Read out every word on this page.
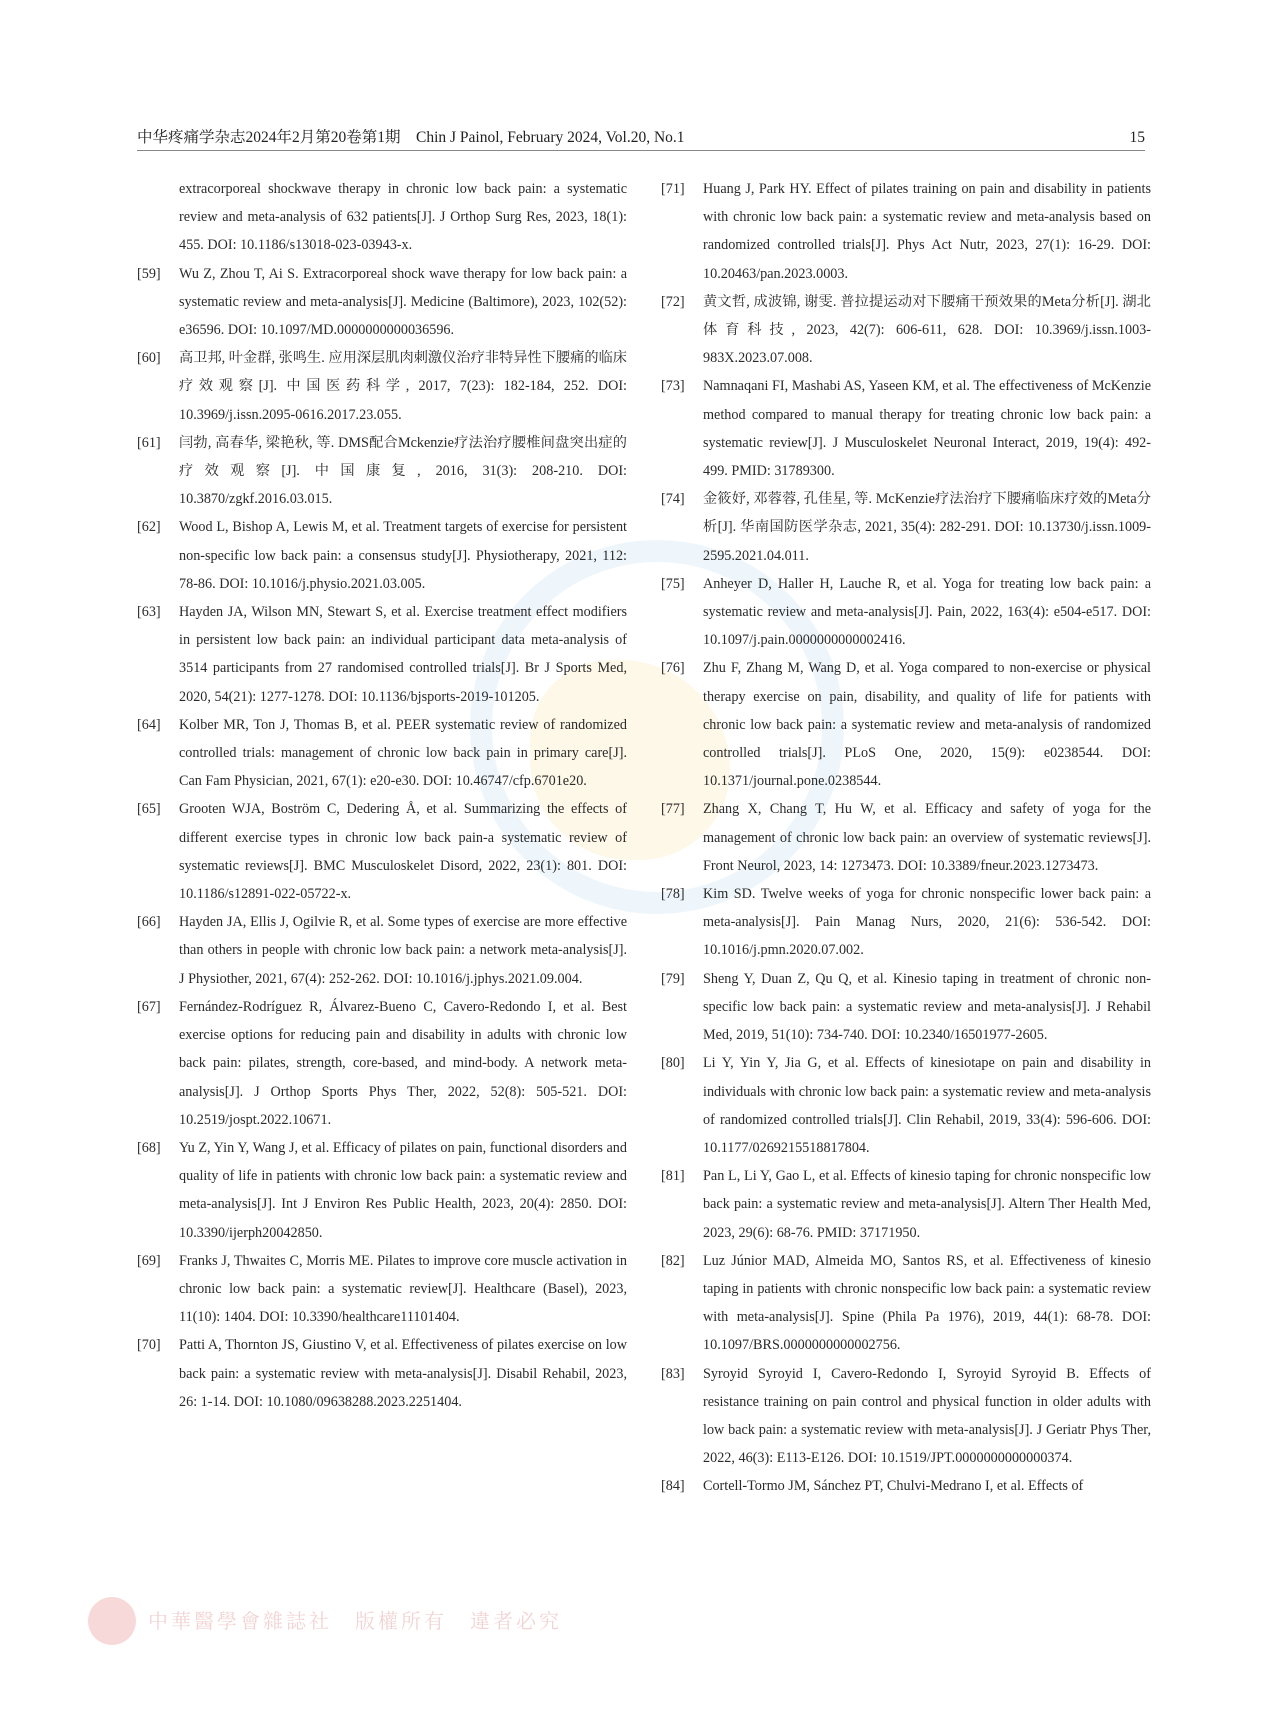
中华疼痛学杂志2024年2月第20卷第1期　Chin J Painol, February 2024, Vol.20, No.1	15
extracorporeal shockwave therapy in chronic low back pain: a systematic review and meta-analysis of 632 patients[J]. J Orthop Surg Res, 2023, 18(1): 455. DOI: 10.1186/s13018-023-03943-x.
[59] Wu Z, Zhou T, Ai S. Extracorporeal shock wave therapy for low back pain: a systematic review and meta-analysis[J]. Medicine (Baltimore), 2023, 102(52): e36596. DOI: 10.1097/MD.0000000000036596.
[60] 高卫邦, 叶金群, 张鸣生. 应用深层肌肉刺激仪治疗非特异性下腰痛的临床疗效观察[J]. 中国医药科学, 2017, 7(23): 182-184, 252. DOI: 10.3969/j.issn.2095-0616.2017.23.055.
[61] 闫勃, 高春华, 梁艳秋, 等. DMS配合Mckenzie疗法治疗腰椎间盘突出症的疗效观察[J]. 中国康复, 2016, 31(3): 208-210. DOI: 10.3870/zgkf.2016.03.015.
[62] Wood L, Bishop A, Lewis M, et al. Treatment targets of exercise for persistent non-specific low back pain: a consensus study[J]. Physiotherapy, 2021, 112: 78-86. DOI: 10.1016/j.physio.2021.03.005.
[63] Hayden JA, Wilson MN, Stewart S, et al. Exercise treatment effect modifiers in persistent low back pain: an individual participant data meta-analysis of 3514 participants from 27 randomised controlled trials[J]. Br J Sports Med, 2020, 54(21): 1277-1278. DOI: 10.1136/bjsports-2019-101205.
[64] Kolber MR, Ton J, Thomas B, et al. PEER systematic review of randomized controlled trials: management of chronic low back pain in primary care[J]. Can Fam Physician, 2021, 67(1): e20-e30. DOI: 10.46747/cfp.6701e20.
[65] Grooten WJA, Boström C, Dedering Å, et al. Summarizing the effects of different exercise types in chronic low back pain-a systematic review of systematic reviews[J]. BMC Musculoskelet Disord, 2022, 23(1): 801. DOI: 10.1186/s12891-022-05722-x.
[66] Hayden JA, Ellis J, Ogilvie R, et al. Some types of exercise are more effective than others in people with chronic low back pain: a network meta-analysis[J]. J Physiother, 2021, 67(4): 252-262. DOI: 10.1016/j.jphys.2021.09.004.
[67] Fernández-Rodríguez R, Álvarez-Bueno C, Cavero-Redondo I, et al. Best exercise options for reducing pain and disability in adults with chronic low back pain: pilates, strength, core-based, and mind-body. A network meta-analysis[J]. J Orthop Sports Phys Ther, 2022, 52(8): 505-521. DOI: 10.2519/jospt.2022.10671.
[68] Yu Z, Yin Y, Wang J, et al. Efficacy of pilates on pain, functional disorders and quality of life in patients with chronic low back pain: a systematic review and meta-analysis[J]. Int J Environ Res Public Health, 2023, 20(4): 2850. DOI: 10.3390/ijerph20042850.
[69] Franks J, Thwaites C, Morris ME. Pilates to improve core muscle activation in chronic low back pain: a systematic review[J]. Healthcare (Basel), 2023, 11(10): 1404. DOI: 10.3390/healthcare11101404.
[70] Patti A, Thornton JS, Giustino V, et al. Effectiveness of pilates exercise on low back pain: a systematic review with meta-analysis[J]. Disabil Rehabil, 2023, 26: 1-14. DOI: 10.1080/09638288.2023.2251404.
[71] Huang J, Park HY. Effect of pilates training on pain and disability in patients with chronic low back pain: a systematic review and meta-analysis based on randomized controlled trials[J]. Phys Act Nutr, 2023, 27(1): 16-29. DOI: 10.20463/pan.2023.0003.
[72] 黄文哲, 成波锦, 谢雯. 普拉提运动对下腰痛干预效果的Meta分析[J]. 湖北体育科技, 2023, 42(7): 606-611, 628. DOI: 10.3969/j.issn.1003-983X.2023.07.008.
[73] Namnaqani FI, Mashabi AS, Yaseen KM, et al. The effectiveness of McKenzie method compared to manual therapy for treating chronic low back pain: a systematic review[J]. J Musculoskelet Neuronal Interact, 2019, 19(4): 492-499. PMID: 31789300.
[74] 金筱妤, 邓蓉蓉, 孔佳星, 等. McKenzie疗法治疗下腰痛临床疗效的Meta分析[J]. 华南国防医学杂志, 2021, 35(4): 282-291. DOI: 10.13730/j.issn.1009-2595.2021.04.011.
[75] Anheyer D, Haller H, Lauche R, et al. Yoga for treating low back pain: a systematic review and meta-analysis[J]. Pain, 2022, 163(4): e504-e517. DOI: 10.1097/j.pain.0000000000002416.
[76] Zhu F, Zhang M, Wang D, et al. Yoga compared to non-exercise or physical therapy exercise on pain, disability, and quality of life for patients with chronic low back pain: a systematic review and meta-analysis of randomized controlled trials[J]. PLoS One, 2020, 15(9): e0238544. DOI: 10.1371/journal.pone.0238544.
[77] Zhang X, Chang T, Hu W, et al. Efficacy and safety of yoga for the management of chronic low back pain: an overview of systematic reviews[J]. Front Neurol, 2023, 14: 1273473. DOI: 10.3389/fneur.2023.1273473.
[78] Kim SD. Twelve weeks of yoga for chronic nonspecific lower back pain: a meta-analysis[J]. Pain Manag Nurs, 2020, 21(6): 536-542. DOI: 10.1016/j.pmn.2020.07.002.
[79] Sheng Y, Duan Z, Qu Q, et al. Kinesio taping in treatment of chronic non-specific low back pain: a systematic review and meta-analysis[J]. J Rehabil Med, 2019, 51(10): 734-740. DOI: 10.2340/16501977-2605.
[80] Li Y, Yin Y, Jia G, et al. Effects of kinesiotape on pain and disability in individuals with chronic low back pain: a systematic review and meta-analysis of randomized controlled trials[J]. Clin Rehabil, 2019, 33(4): 596-606. DOI: 10.1177/0269215518817804.
[81] Pan L, Li Y, Gao L, et al. Effects of kinesio taping for chronic nonspecific low back pain: a systematic review and meta-analysis[J]. Altern Ther Health Med, 2023, 29(6): 68-76. PMID: 37171950.
[82] Luz Júnior MAD, Almeida MO, Santos RS, et al. Effectiveness of kinesio taping in patients with chronic nonspecific low back pain: a systematic review with meta-analysis[J]. Spine (Phila Pa 1976), 2019, 44(1): 68-78. DOI: 10.1097/BRS.0000000000002756.
[83] Syroyid Syroyid I, Cavero-Redondo I, Syroyid Syroyid B. Effects of resistance training on pain control and physical function in older adults with low back pain: a systematic review with meta-analysis[J]. J Geriatr Phys Ther, 2022, 46(3): E113-E126. DOI: 10.1519/JPT.0000000000000374.
[84] Cortell-Tormo JM, Sánchez PT, Chulvi-Medrano I, et al. Effects of
中華醫學會雜誌社　版權所有　違者必究
